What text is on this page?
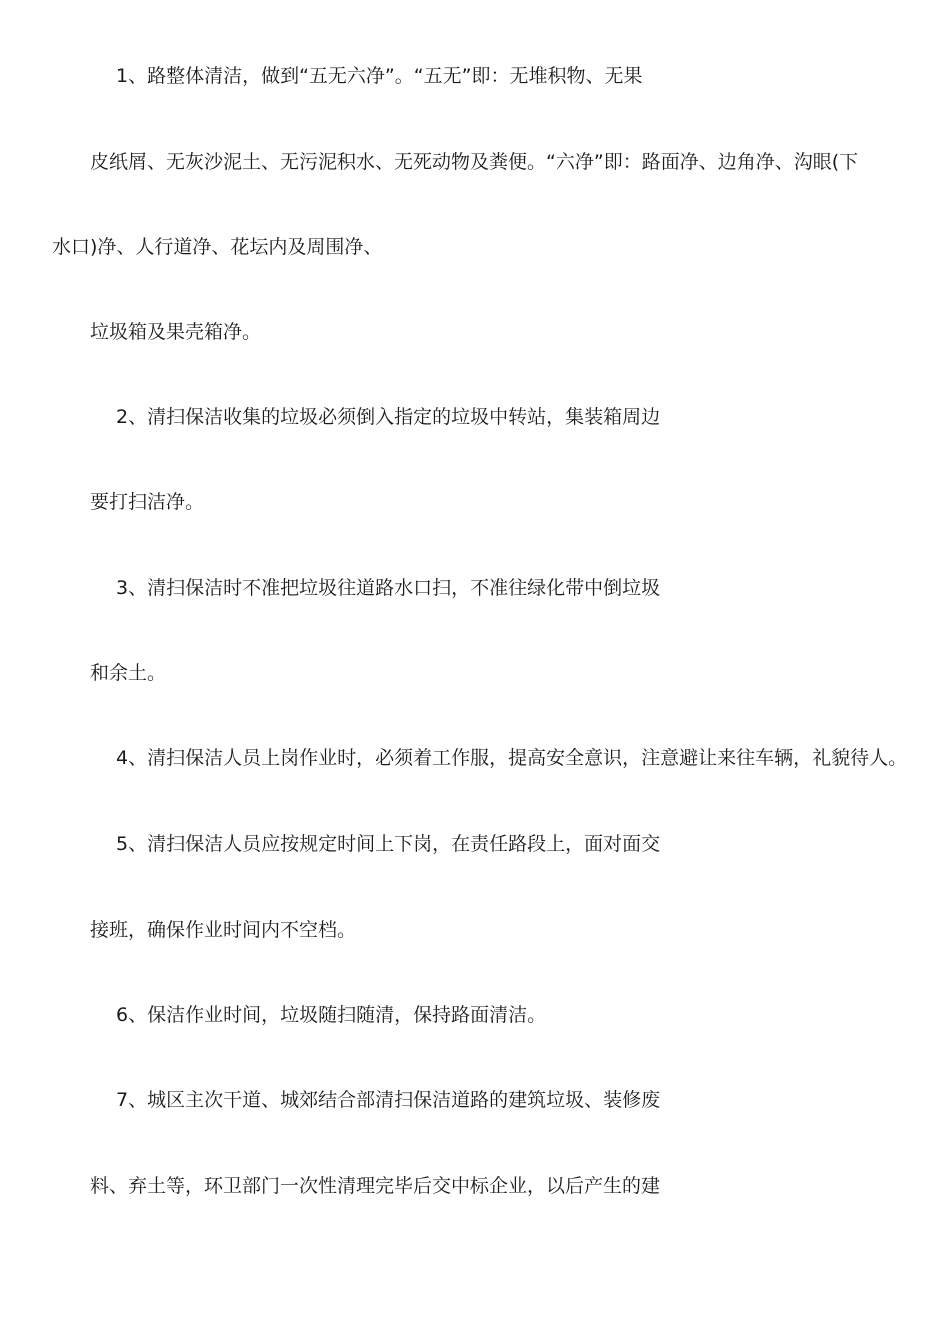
1、路整体清洁，做到“五无六净”。“五无”即：无堆积物、无果
皮纸屑、无灰沙泥土、无污泥积水、无死动物及粪便。“六净”即：路面净、边角净、沟眼(下
水口)净、人行道净、花坛内及周围净、
垃圾箱及果壳箱净。
2、清扫保洁收集的垃圾必须倒入指定的垃圾中转站，集装箱周边
要打扫洁净。
3、清扫保洁时不准把垃圾往道路水口扫，不准往绿化带中倒垃圾
和余土。
4、清扫保洁人员上岗作业时，必须着工作服，提高安全意识，注意避让来往车辆，礼貌待人。
5、清扫保洁人员应按规定时间上下岗，在责任路段上，面对面交
接班，确保作业时间内不空档。
6、保洁作业时间，垃圾随扫随清，保持路面清洁。
7、城区主次干道、城郊结合部清扫保洁道路的建筑垃圾、装修废
料、弃土等，环卫部门一次性清理完毕后交中标企业，以后产生的建
